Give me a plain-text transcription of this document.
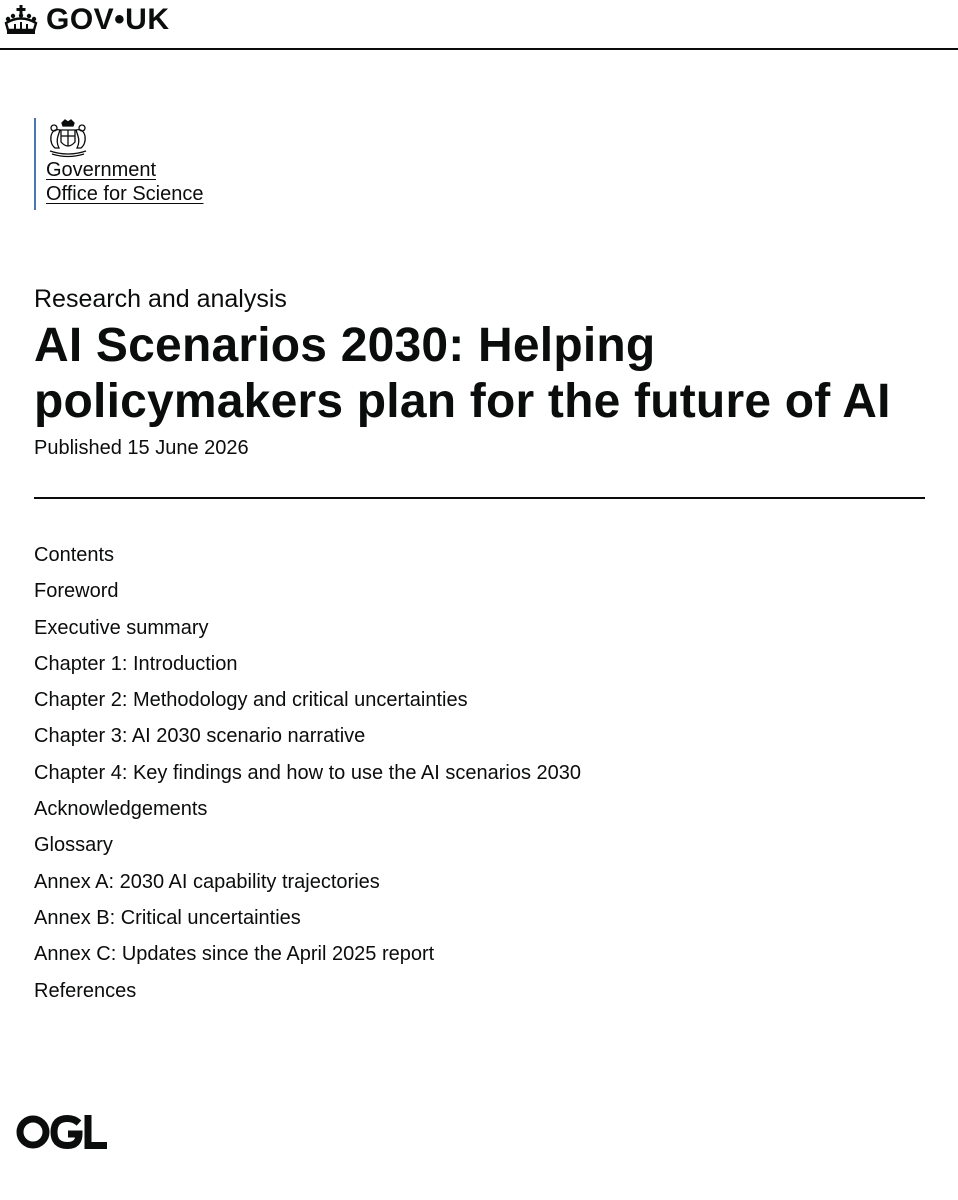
GOV•UK
Government
Office for Science
Research and analysis
AI Scenarios 2030: Helping policymakers plan for the future of AI
Published 15 June 2026
Contents
Foreword
Executive summary
Chapter 1: Introduction
Chapter 2: Methodology and critical uncertainties
Chapter 3: AI 2030 scenario narrative
Chapter 4: Key findings and how to use the AI scenarios 2030
Acknowledgements
Glossary
Annex A: 2030 AI capability trajectories
Annex B: Critical uncertainties
Annex C: Updates since the April 2025 report
References
